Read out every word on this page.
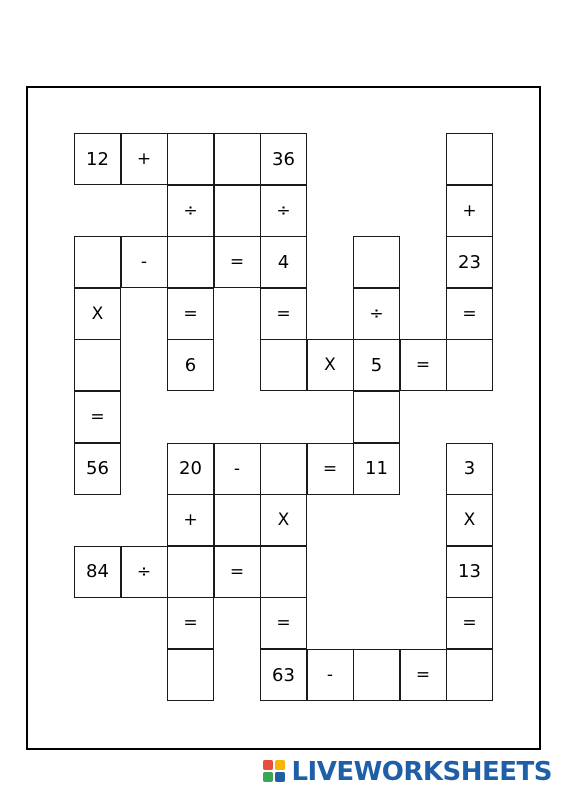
12	+	36
÷	÷	+
-	=	4	23
X	=	=	÷	=
6	X	5	=
=
56	20	-	=	11	3
+	X	X
84	÷	=	13
=	=	=
63	-	=
LIVEWORKSHEETS
